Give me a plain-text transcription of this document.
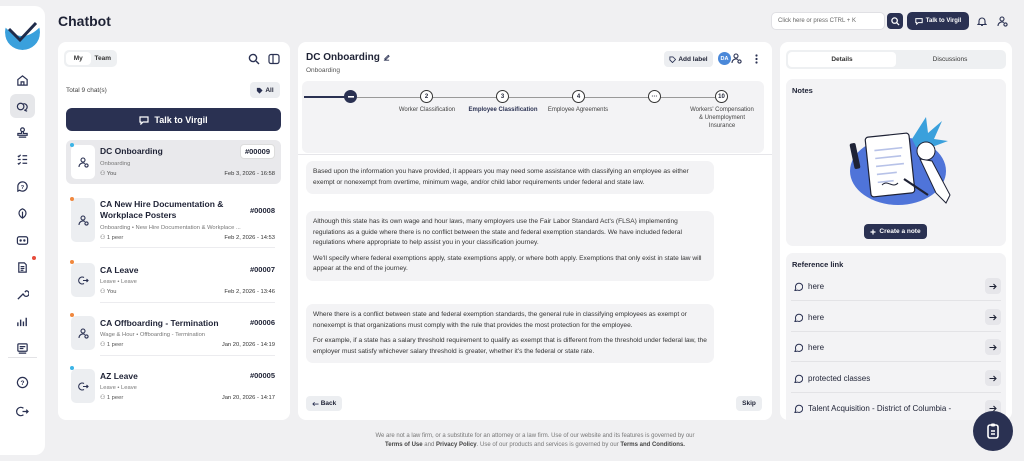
?
?
Chatbot	Click here or press CTRL + K	Talk to Virgil
My	Team
Total 9 chat(s)	All
Talk to Virgil
DC Onboarding	#00009
Onboarding
⚇ You	Feb 3, 2026 - 16:58
CA New Hire Documentation & Workplace Posters	#00008
Onboarding • New Hire Documentation & Workplace ...
⚇ 1 peer	Feb 2, 2026 - 14:53
CA Leave	#00007
Leave • Leave
⚇ You	Feb 2, 2026 - 13:46
CA Offboarding - Termination	#00006
Wage & Hour • Offboarding - Termination
⚇ 1 peer	Jan 20, 2026 - 14:19
AZ Leave	#00005
Leave • Leave
⚇ 1 peer	Jan 20, 2026 - 14:17
DC Onboarding
Onboarding
Add label	DA
2	3	4	···	10
Worker Classification	Employee Classification	Employee Agreements	Workers' Compensation & Unemployment Insurance

Based upon the information you have provided, it appears you may need some assistance with classifying an employee as either exempt or nonexempt from overtime, minimum wage, and/or child labor requirements under federal and state law.

Although this state has its own wage and hour laws, many employers use the Fair Labor Standard Act's (FLSA) implementing regulations as a guide where there is no conflict between the state and federal exemption standards. We have included federal regulations where appropriate to help assist you in your classification journey.

We'll specify where federal exemptions apply, state exemptions apply, or where both apply. Exemptions that only exist in state law will appear at the end of the journey.

Where there is a conflict between state and federal exemption standards, the general rule in classifying employees as exempt or nonexempt is that organizations must comply with the rule that provides the most protection for the employee.

For example, if a state has a salary threshold requirement to qualify as exempt that is different from the threshold under federal law, the employer must satisfy whichever salary threshold is greater, whether it's the federal or state rate.

Back	Skip
Details	Discussions
Notes
Create a note
Reference link
here
here
here
protected classes
Talent Acquisition - District of Columbia -
We are not a law firm, or a substitute for an attorney or a law firm. Use of our website and its features is governed by our
Terms of Use and Privacy Policy. Use of our products and services is governed by our Terms and Conditions.
